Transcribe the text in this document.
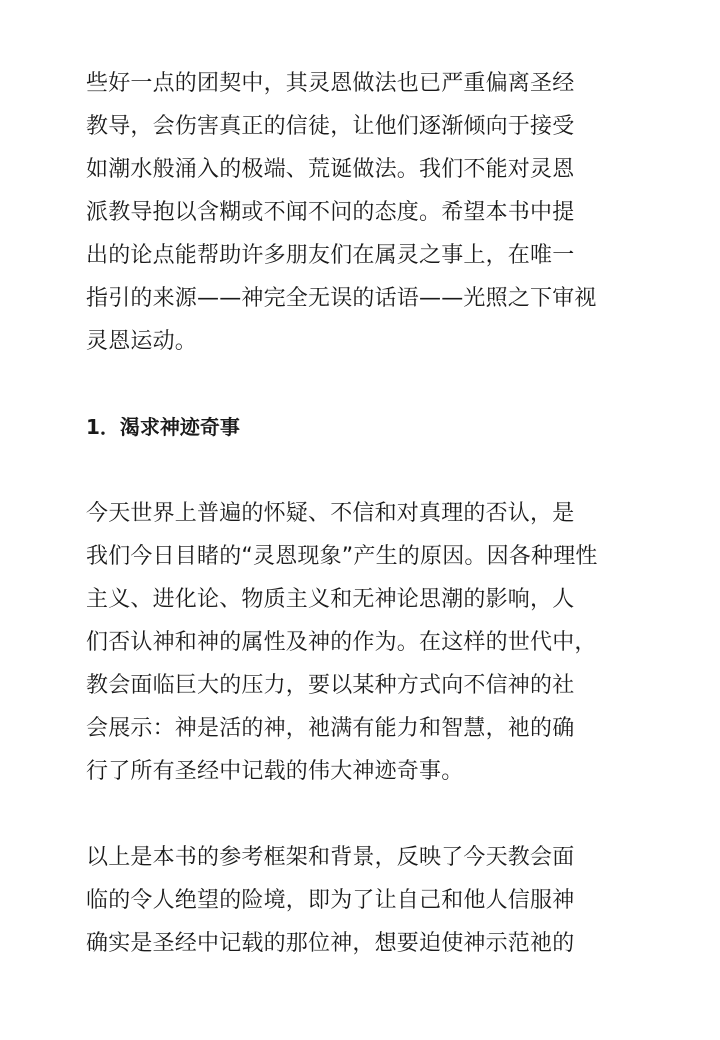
些好一点的团契中，其灵恩做法也已严重偏离圣经
教导，会伤害真正的信徒，让他们逐渐倾向于接受
如潮水般涌入的极端、荒诞做法。我们不能对灵恩
派教导抱以含糊或不闻不问的态度。希望本书中提
出的论点能帮助许多朋友们在属灵之事上，在唯一
指引的来源——神完全无误的话语——光照之下审视
灵恩运动。

1．渴求神迹奇事

今天世界上普遍的怀疑、不信和对真理的否认，是
我们今日目睹的“灵恩现象”产生的原因。因各种理性
主义、进化论、物质主义和无神论思潮的影响，人
们否认神和神的属性及神的作为。在这样的世代中，
教会面临巨大的压力，要以某种方式向不信神的社
会展示：神是活的神，祂满有能力和智慧，祂的确
行了所有圣经中记载的伟大神迹奇事。

以上是本书的参考框架和背景，反映了今天教会面
临的令人绝望的险境，即为了让自己和他人信服神
确实是圣经中记载的那位神，想要迫使神示范祂的
